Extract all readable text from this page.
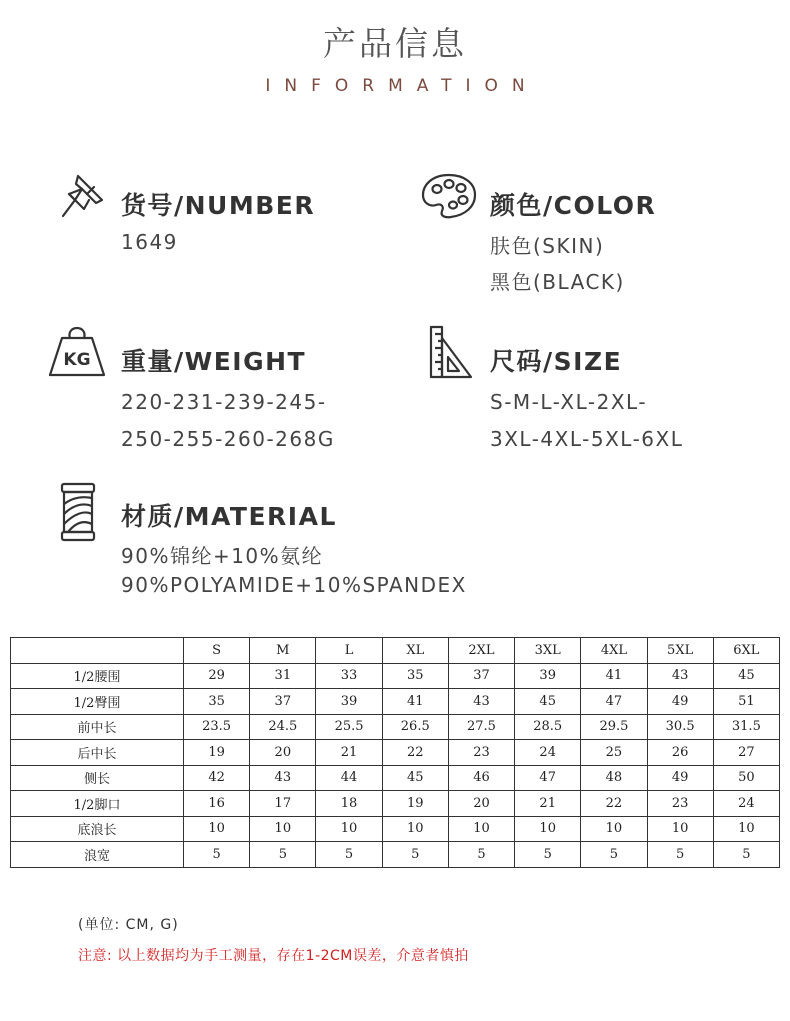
产品信息
INFORMATION
货号/NUMBER
1649
颜色/COLOR
肤色(SKIN)
黑色(BLACK)
KG 重量/WEIGHT
220-231-239-245-
250-255-260-268G
尺码/SIZE
S-M-L-XL-2XL-
3XL-4XL-5XL-6XL
材质/MATERIAL
90%锦纶+10%氨纶
90%POLYAMIDE+10%SPANDEX
	S	M	L	XL	2XL	3XL	4XL	5XL	6XL
1/2腰围	29	31	33	35	37	39	41	43	45
1/2臀围	35	37	39	41	43	45	47	49	51
前中长	23.5	24.5	25.5	26.5	27.5	28.5	29.5	30.5	31.5
后中长	19	20	21	22	23	24	25	26	27
侧长	42	43	44	45	46	47	48	49	50
1/2脚口	16	17	18	19	20	21	22	23	24
底浪长	10	10	10	10	10	10	10	10	10
浪宽	5	5	5	5	5	5	5	5	5
(单位: CM, G)
注意: 以上数据均为手工测量，存在1-2CM误差，介意者慎拍
